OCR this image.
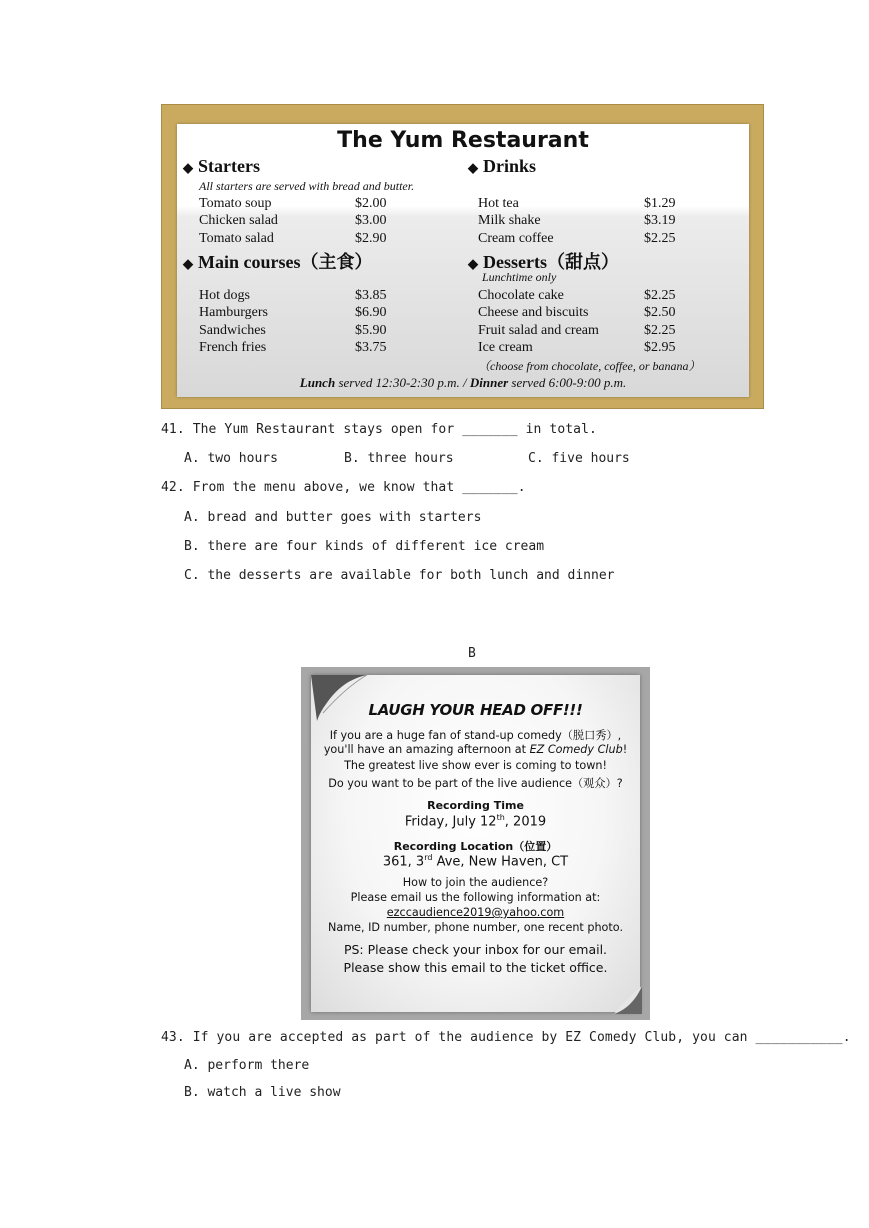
The Yum Restaurant
◆ Starters
All starters are served with bread and butter.
Tomato soup	$2.00
Chicken salad	$3.00
Tomato salad	$2.90
◆ Drinks
Hot tea	$1.29
Milk shake	$3.19
Cream coffee	$2.25
◆ Main courses（主食）
Hot dogs	$3.85
Hamburgers	$6.90
Sandwiches	$5.90
French fries	$3.75
◆ Desserts（甜点）
Lunchtime only
Chocolate cake	$2.25
Cheese and biscuits	$2.50
Fruit salad and cream	$2.25
Ice cream	$2.95
（choose from chocolate, coffee, or banana）
Lunch served 12:30-2:30 p.m. / Dinner served 6:00-9:00 p.m.
41. The Yum Restaurant stays open for _______ in total.
A. two hours	B. three hours	C. five hours
42. From the menu above, we know that _______.
A. bread and butter goes with starters
B. there are four kinds of different ice cream
C. the desserts are available for both lunch and dinner
B
LAUGH YOUR HEAD OFF!!!
If you are a huge fan of stand-up comedy（脱口秀）,
you'll have an amazing afternoon at EZ Comedy Club!
The greatest live show ever is coming to town!
Do you want to be part of the live audience（观众）?
Recording Time
Friday, July 12th, 2019
Recording Location（位置）
361, 3rd Ave, New Haven, CT
How to join the audience?
Please email us the following information at:
ezccaudience2019@yahoo.com
Name, ID number, phone number, one recent photo.
PS: Please check your inbox for our email.
Please show this email to the ticket office.
43. If you are accepted as part of the audience by EZ Comedy Club, you can ___________.
A. perform there
B. watch a live show
